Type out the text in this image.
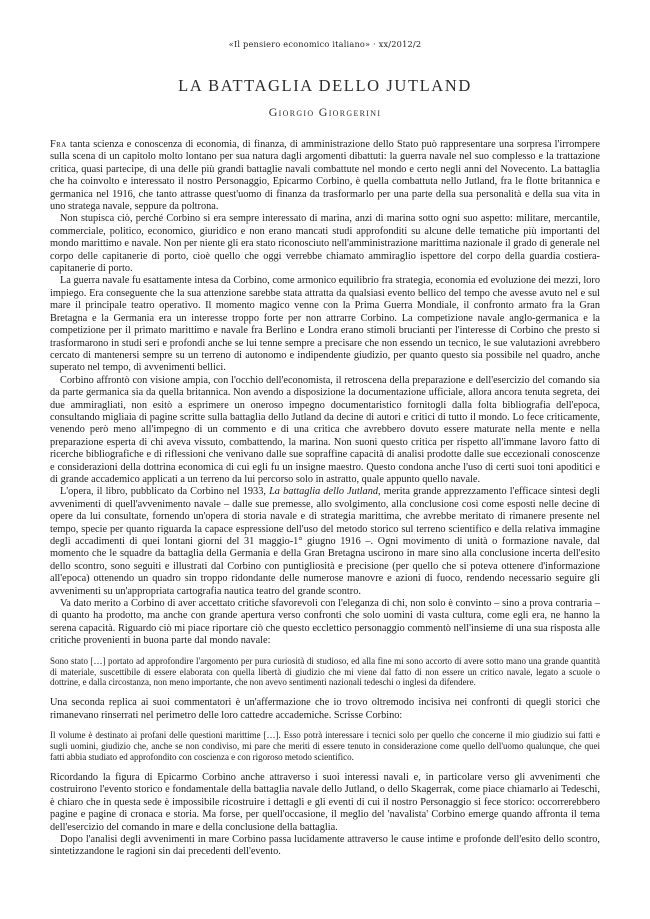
«Il pensiero economico italiano» · xx/2012/2
LA BATTAGLIA DELLO JUTLAND
Giorgio Giorgerini

Fra tanta scienza e conoscenza di economia, di finanza, di amministrazione dello Stato può rappresentare una sorpresa l'irrompere sulla scena di un capitolo molto lontano per sua natura dagli argomenti dibattuti: la guerra navale nel suo complesso e la trattazione critica, quasi partecipe, di una delle più grandi battaglie navali combattute nel mondo e certo negli anni del Novecento. La battaglia che ha coinvolto e interessato il nostro Personaggio, Epicarmo Corbino, è quella combattuta nello Jutland, fra le flotte britannica e germanica nel 1916, che tanto attrasse quest'uomo di finanza da trasformarlo per una parte della sua personalità e della sua vita in uno stratega navale, seppure da poltrona.

Non stupisca ciò, perché Corbino si era sempre interessato di marina, anzi di marina sotto ogni suo aspetto: militare, mercantile, commerciale, politico, economico, giuridico e non erano mancati studi approfonditi su alcune delle tematiche più importanti del mondo marittimo e navale. Non per niente gli era stato riconosciuto nell'amministrazione marittima nazionale il grado di generale nel corpo delle capitanerie di porto, cioè quello che oggi verrebbe chiamato ammiraglio ispettore del corpo della guardia costiera-capitanerie di porto.

La guerra navale fu esattamente intesa da Corbino, come armonico equilibrio fra strategia, economia ed evoluzione dei mezzi, loro impiego. Era conseguente che la sua attenzione sarebbe stata attratta da qualsiasi evento bellico del tempo che avesse avuto nel e sul mare il principale teatro operativo. Il momento magico venne con la Prima Guerra Mondiale, il confronto armato fra la Gran Bretagna e la Germania era un interesse troppo forte per non attrarre Corbino. La competizione navale anglo-germanica e la competizione per il primato marittimo e navale fra Berlino e Londra erano stimoli brucianti per l'interesse di Corbino che presto si trasformarono in studi seri e profondi anche se lui tenne sempre a precisare che non essendo un tecnico, le sue valutazioni avrebbero cercato di mantenersi sempre su un terreno di autonomo e indipendente giudizio, per quanto questo sia possibile nel quadro, anche superato nel tempo, di avvenimenti bellici.

Corbino affrontò con visione ampia, con l'occhio dell'economista, il retroscena della preparazione e dell'esercizio del comando sia da parte germanica sia da quella britannica. Non avendo a disposizione la documentazione ufficiale, allora ancora tenuta segreta, dei due ammiragliati, non esitò a esprimere un oneroso impegno documentaristico fornitogli dalla folta bibliografia dell'epoca, consultando migliaia di pagine scritte sulla battaglia dello Jutland da decine di autori e critici di tutto il mondo. Lo fece criticamente, venendo però meno all'impegno di un commento e di una critica che avrebbero dovuto essere maturate nella mente e nella preparazione esperta di chi aveva vissuto, combattendo, la marina. Non suoni questo critica per rispetto all'immane lavoro fatto di ricerche bibliografiche e di riflessioni che venivano dalle sue sopraffine capacità di analisi prodotte dalle sue eccezionali conoscenze e considerazioni della dottrina economica di cui egli fu un insigne maestro. Questo condona anche l'uso di certi suoi toni apoditici e di grande accademico applicati a un terreno da lui percorso solo in astratto, quale appunto quello navale.

L'opera, il libro, pubblicato da Corbino nel 1933, La battaglia dello Jutland, merita grande apprezzamento l'efficace sintesi degli avvenimenti di quell'avvenimento navale – dalle sue premesse, allo svolgimento, alla conclusione così come esposti nelle decine di opere da lui consultate, fornendo un'opera di storia navale e di strategia marittima, che avrebbe meritato di rimanere presente nel tempo, specie per quanto riguarda la capace espressione dell'uso del metodo storico sul terreno scientifico e della relativa immagine degli accadimenti di quei lontani giorni del 31 maggio-1° giugno 1916 –. Ogni movimento di unità o formazione navale, dal momento che le squadre da battaglia della Germania e della Gran Bretagna uscirono in mare sino alla conclusione incerta dell'esito dello scontro, sono seguiti e illustrati dal Corbino con puntigliosità e precisione (per quello che si poteva ottenere d'informazione all'epoca) ottenendo un quadro sin troppo ridondante delle numerose manovre e azioni di fuoco, rendendo necessario seguire gli avvenimenti su un'appropriata cartografia nautica teatro del grande scontro.

Va dato merito a Corbino di aver accettato critiche sfavorevoli con l'eleganza di chi, non solo è convinto – sino a prova contraria – di quanto ha prodotto, ma anche con grande apertura verso confronti che solo uomini di vasta cultura, come egli era, ne hanno la serena capacità. Riguardo ciò mi piace riportare ciò che questo ecclettico personaggio commentò nell'insieme di una sua risposta alle critiche provenienti in buona parte dal mondo navale:

Sono stato […] portato ad approfondire l'argomento per pura curiosità di studioso, ed alla fine mi sono accorto di avere sotto mano una grande quantità di materiale, suscettibile di essere elaborata con quella libertà di giudizio che mi viene dal fatto di non essere un critico navale, legato a scuole o dottrine, e dalla circostanza, non meno importante, che non avevo sentimenti nazionali tedeschi o inglesi da difendere.

Una seconda replica ai suoi commentatori è un'affermazione che io trovo oltremodo incisiva nei confronti di quegli storici che rimanevano rinserrati nel perimetro delle loro cattedre accademiche. Scrisse Corbino:

Il volume è destinato ai profani delle questioni marittime […]. Esso potrà interessare i tecnici solo per quello che concerne il mio giudizio sui fatti e sugli uomini, giudizio che, anche se non condiviso, mi pare che meriti di essere tenuto in considerazione come quello dell'uomo qualunque, che quei fatti abbia studiato ed approfondito con coscienza e con rigoroso metodo scientifico.

Ricordando la figura di Epicarmo Corbino anche attraverso i suoi interessi navali e, in particolare verso gli avvenimenti che costruirono l'evento storico e fondamentale della battaglia navale dello Jutland, o dello Skagerrak, come piace chiamarlo ai Tedeschi, è chiaro che in questa sede è impossibile ricostruire i dettagli e gli eventi di cui il nostro Personaggio si fece storico: occorrerebbero pagine e pagine di cronaca e storia. Ma forse, per quell'occasione, il meglio del 'navalista' Corbino emerge quando affronta il tema dell'esercizio del comando in mare e della conclusione della battaglia.

Dopo l'analisi degli avvenimenti in mare Corbino passa lucidamente attraverso le cause intime e profonde dell'esito dello scontro, sintetizzandone le ragioni sin dai precedenti dell'evento.
